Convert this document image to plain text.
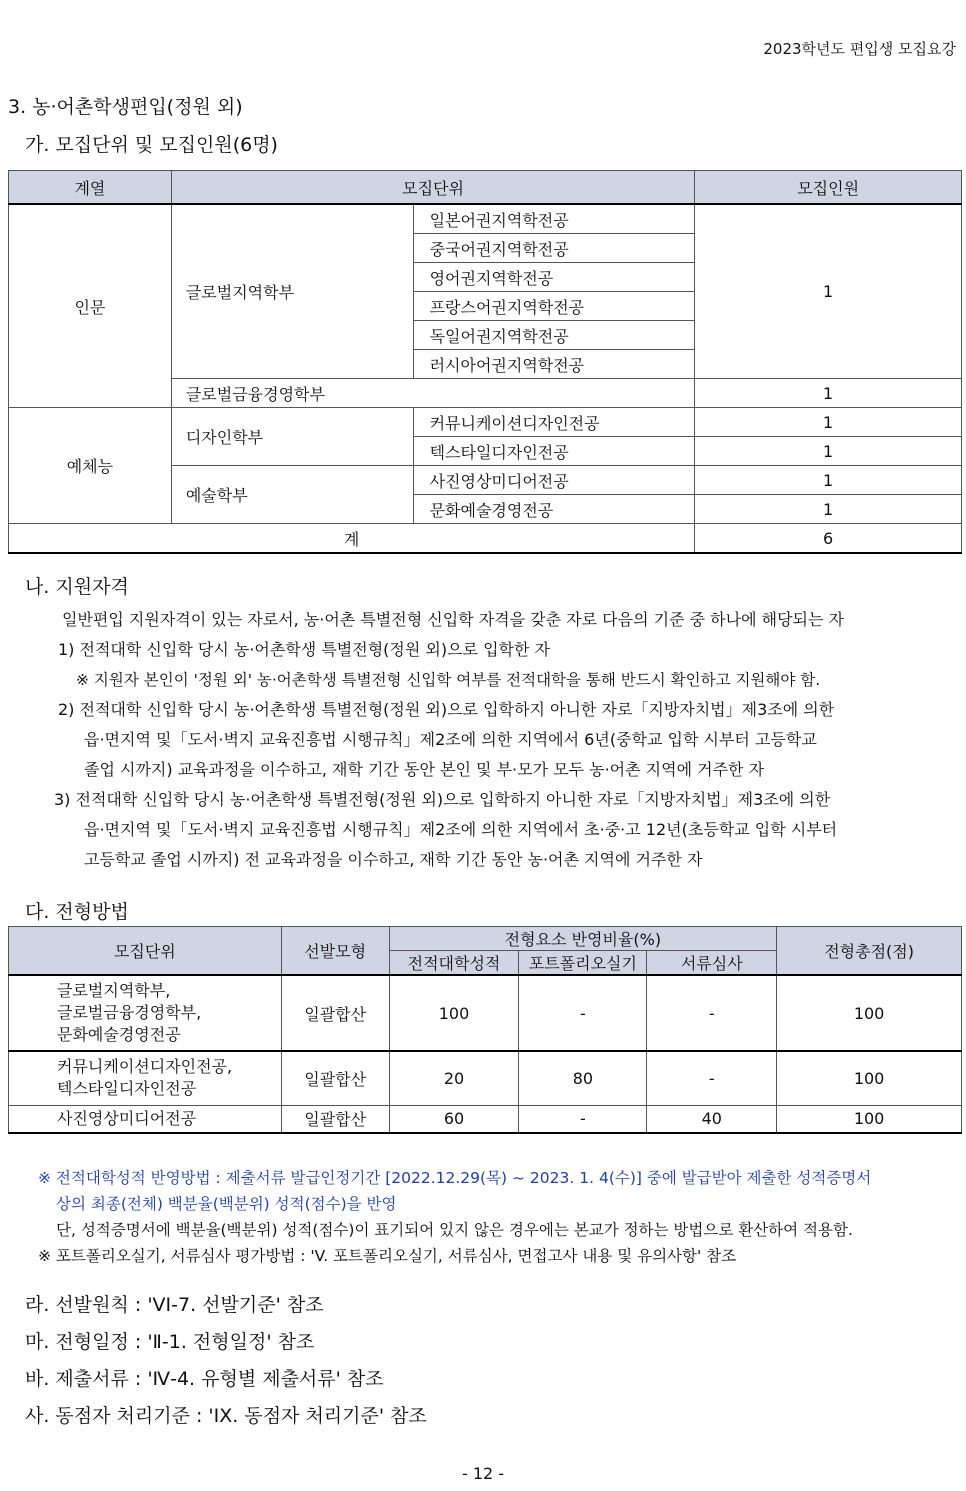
2023학년도 편입생 모집요강
3. 농·어촌학생편입(정원 외)
가. 모집단위 및 모집인원(6명)
계열	모집단위		모집인원
인문	글로벌지역학부	일본어권지역학전공	1
		중국어권지역학전공	
		영어권지역학전공	
		프랑스어권지역학전공	
		독일어권지역학전공	
		러시아어권지역학전공	
	글로벌금융경영학부		1
예체능	디자인학부	커뮤니케이션디자인전공	1
		텍스타일디자인전공	1
	예술학부	사진영상미디어전공	1
		문화예술경영전공	1
계			6
나. 지원자격
일반편입 지원자격이 있는 자로서, 농·어촌 특별전형 신입학 자격을 갖춘 자로 다음의 기준 중 하나에 해당되는 자
1) 전적대학 신입학 당시 농·어촌학생 특별전형(정원 외)으로 입학한 자
※ 지원자 본인이 '정원 외' 농·어촌학생 특별전형 신입학 여부를 전적대학을 통해 반드시 확인하고 지원해야 함.
2) 전적대학 신입학 당시 농·어촌학생 특별전형(정원 외)으로 입학하지 아니한 자로「지방자치법」제3조에 의한
읍·면지역 및「도서·벽지 교육진흥법 시행규칙」제2조에 의한 지역에서 6년(중학교 입학 시부터 고등학교
졸업 시까지) 교육과정을 이수하고, 재학 기간 동안 본인 및 부·모가 모두 농·어촌 지역에 거주한 자
3) 전적대학 신입학 당시 농·어촌학생 특별전형(정원 외)으로 입학하지 아니한 자로「지방자치법」제3조에 의한
읍·면지역 및「도서·벽지 교육진흥법 시행규칙」제2조에 의한 지역에서 초·중·고 12년(초등학교 입학 시부터
고등학교 졸업 시까지) 전 교육과정을 이수하고, 재학 기간 동안 농·어촌 지역에 거주한 자
다. 전형방법
모집단위	선발모형	전형요소 반영비율(%)			전형총점(점)
		전적대학성적	포트폴리오실기	서류심사	

글로벌지역학부,
글로벌금융경영학부,
문화예술경영전공	일괄합산	100	-	-	100

커뮤니케이션디자인전공,
텍스타일디자인전공	일괄합산	20	80	-	100
사진영상미디어전공	일괄합산	60	-	40	100
※ 전적대학성적 반영방법 : 제출서류 발급인정기간 [2022.12.29(목) ~ 2023. 1. 4(수)] 중에 발급받아 제출한 성적증명서
상의 최종(전체) 백분율(백분위) 성적(점수)을 반영
단, 성적증명서에 백분율(백분위) 성적(점수)이 표기되어 있지 않은 경우에는 본교가 정하는 방법으로 환산하여 적용함.
※ 포트폴리오실기, 서류심사 평가방법 : 'V. 포트폴리오실기, 서류심사, 면접고사 내용 및 유의사항' 참조
라. 선발원칙 : 'VI-7. 선발기준' 참조
마. 전형일정 : 'Ⅱ-1. 전형일정' 참조
바. 제출서류 : 'Ⅳ-4. 유형별 제출서류' 참조
사. 동점자 처리기준 : 'IX. 동점자 처리기준' 참조
- 12 -
